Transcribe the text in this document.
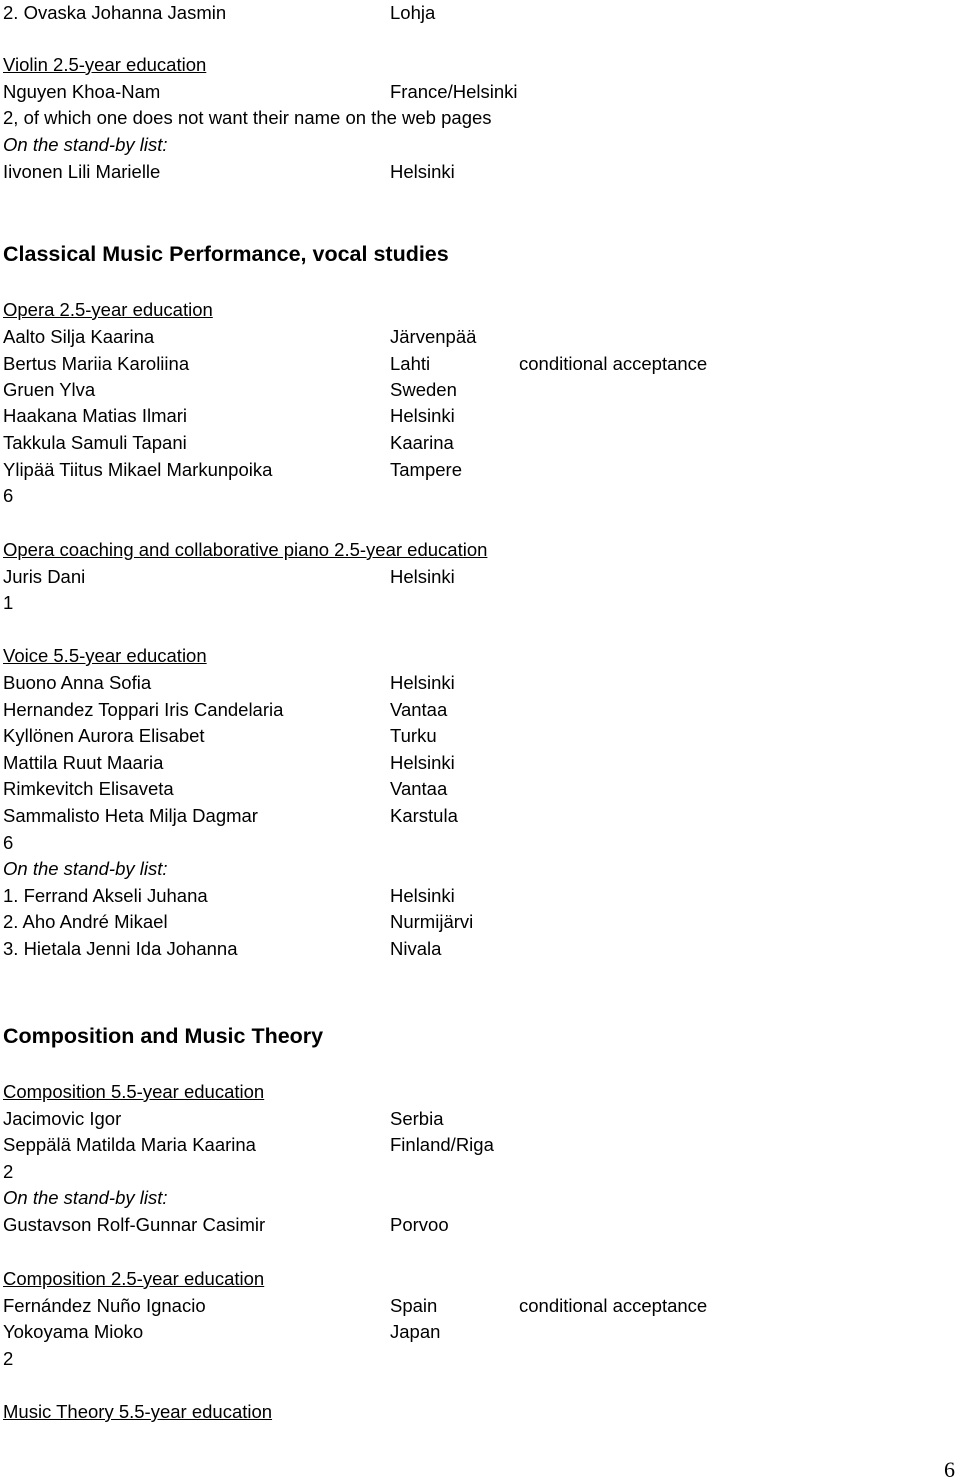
2. Ovaska Johanna Jasmin	Lohja
Violin 2.5-year education
Nguyen Khoa-Nam	France/Helsinki
2, of which one does not want their name on the web pages
On the stand-by list:
Iivonen Lili Marielle	Helsinki
Classical Music Performance, vocal studies
Opera 2.5-year education
Aalto Silja Kaarina	Järvenpää
Bertus Mariia Karoliina	Lahti	conditional acceptance
Gruen Ylva	Sweden
Haakana Matias Ilmari	Helsinki
Takkula Samuli Tapani	Kaarina
Ylipää Tiitus Mikael Markunpoika	Tampere
6
Opera coaching and collaborative piano 2.5-year education
Juris Dani	Helsinki
1
Voice 5.5-year education
Buono Anna Sofia	Helsinki
Hernandez Toppari Iris Candelaria	Vantaa
Kyllönen Aurora Elisabet	Turku
Mattila Ruut Maaria	Helsinki
Rimkevitch Elisaveta	Vantaa
Sammalisto Heta Milja Dagmar	Karstula
6
On the stand-by list:
1. Ferrand Akseli Juhana	Helsinki
2. Aho André Mikael	Nurmijärvi
3. Hietala Jenni Ida Johanna	Nivala
Composition and Music Theory
Composition 5.5-year education
Jacimovic Igor	Serbia
Seppälä Matilda Maria Kaarina	Finland/Riga
2
On the stand-by list:
Gustavson Rolf-Gunnar Casimir	Porvoo
Composition 2.5-year education
Fernández Nuño Ignacio	Spain	conditional acceptance
Yokoyama Mioko	Japan
2
Music Theory 5.5-year education
6
